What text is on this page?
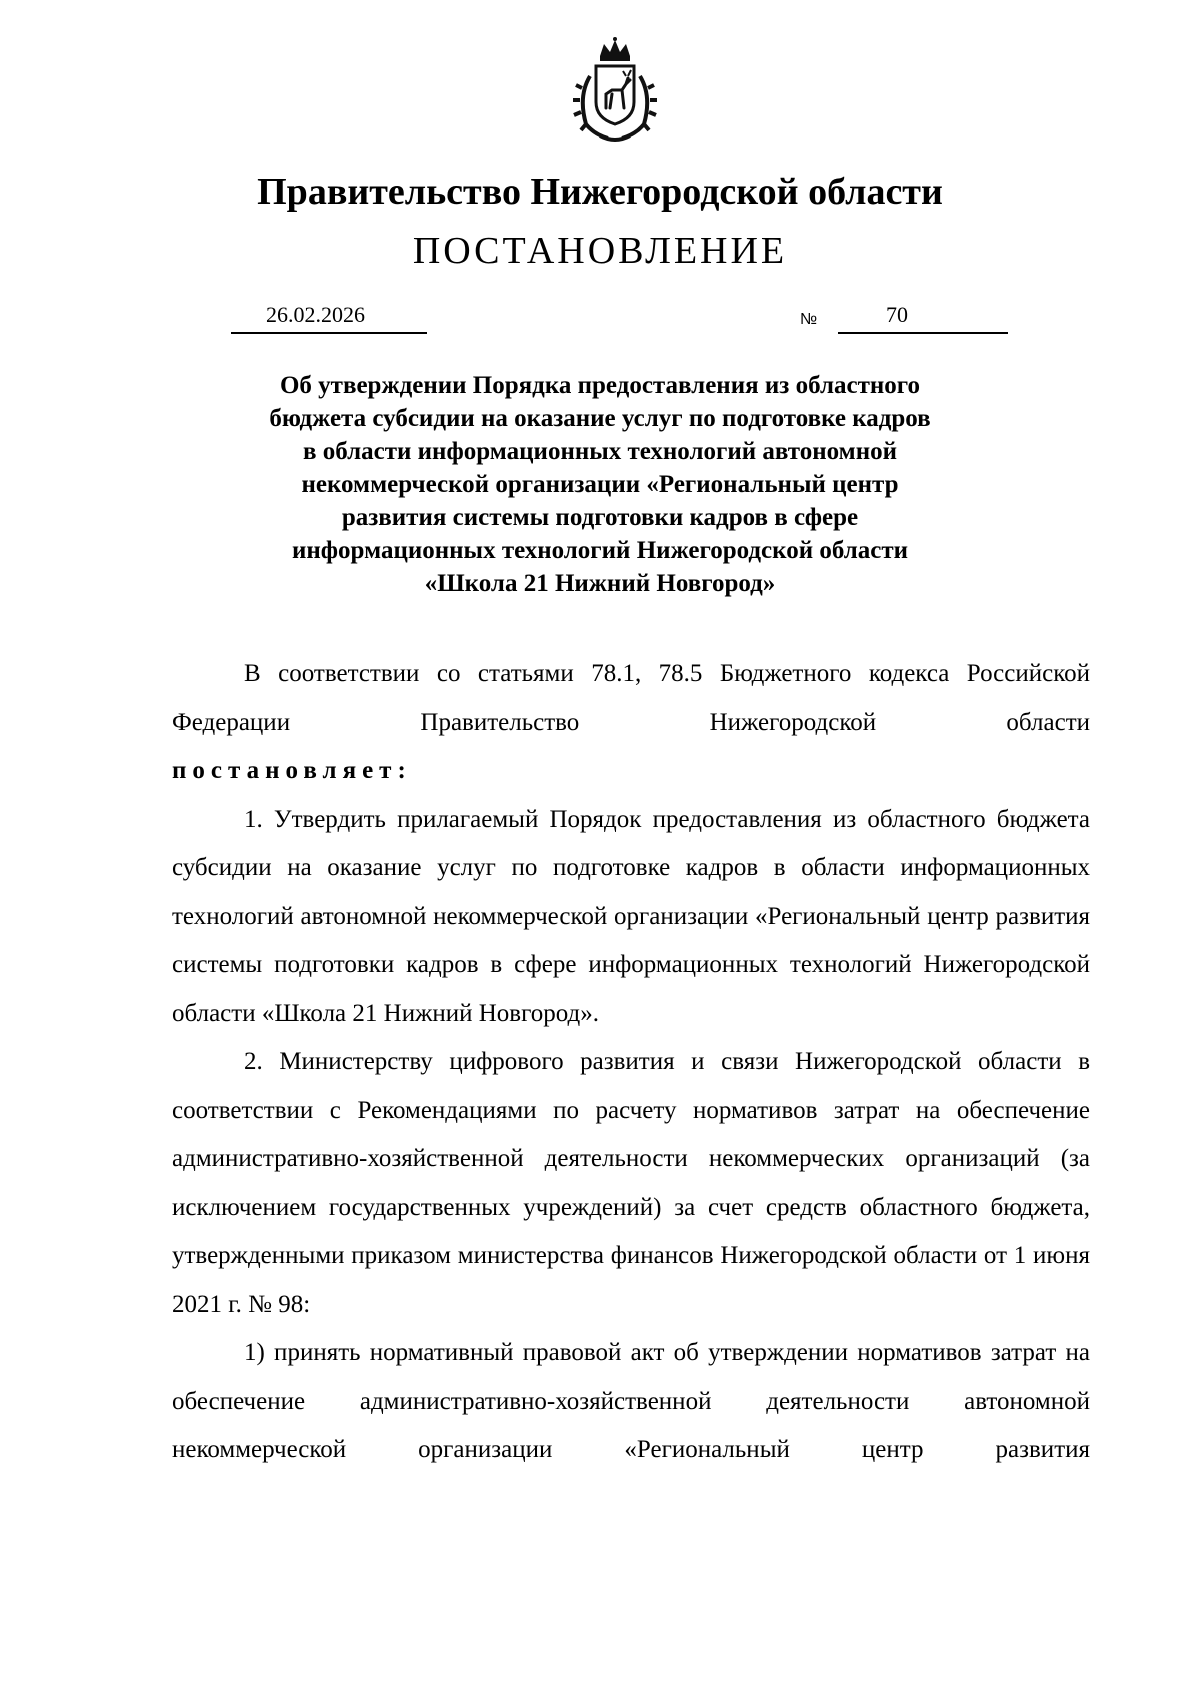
Правительство Нижегородской области
ПОСТАНОВЛЕНИЕ
26.02.2026	№	70
Об утверждении Порядка предоставления из областного
бюджета субсидии на оказание услуг по подготовке кадров
в области информационных технологий автономной
некоммерческой организации «Региональный центр
развития системы подготовки кадров в сфере
информационных технологий Нижегородской области
«Школа 21 Нижний Новгород»

В соответствии со статьями 78.1, 78.5 Бюджетного кодекса Российской Федерации Правительство Нижегородской области

постановляет:

1. Утвердить прилагаемый Порядок предоставления из областного бюджета субсидии на оказание услуг по подготовке кадров в области информационных технологий автономной некоммерческой организации «Региональный центр развития системы подготовки кадров в сфере информационных технологий Нижегородской области «Школа 21 Нижний Новгород».

2. Министерству цифрового развития и связи Нижегородской области в соответствии с Рекомендациями по расчету нормативов затрат на обеспечение административно-хозяйственной деятельности некоммерческих организаций (за исключением государственных учреждений) за счет средств областного бюджета, утвержденными приказом министерства финансов Нижегородской области от 1 июня 2021 г. № 98:

1) принять нормативный правовой акт об утверждении нормативов затрат на обеспечение административно-хозяйственной деятельности автономной некоммерческой организации «Региональный центр развития
